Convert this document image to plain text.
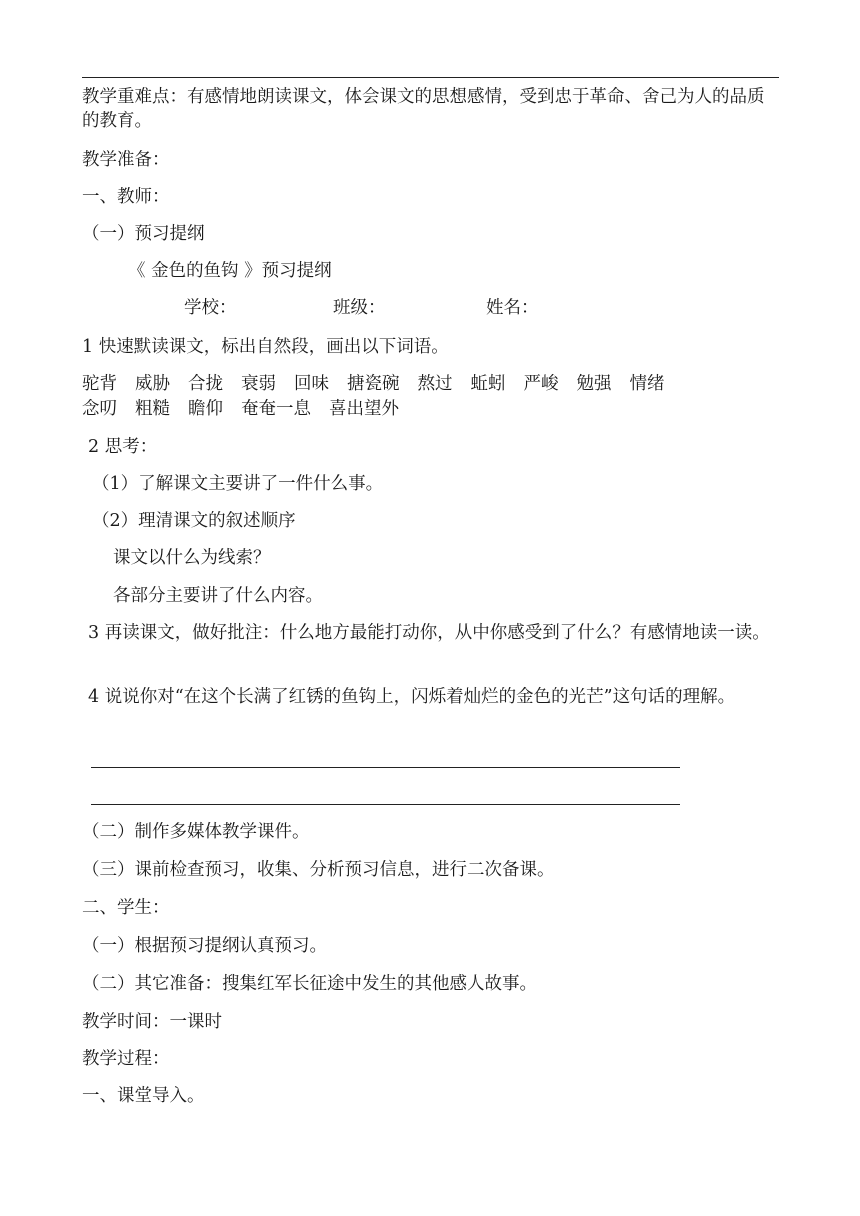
教学重难点：有感情地朗读课文，体会课文的思想感情，受到忠于革命、舍己为人的品质的教育。
教学准备：
一、教师：
（一）预习提纲
《 金色的鱼钩 》预习提纲
学校：	班级：	姓名：
1 快速默读课文，标出自然段，画出以下词语。
驼背 威胁 合拢 衰弱 回味 搪瓷碗 熬过 蚯蚓 严峻 勉强 情绪
念叨 粗糙 瞻仰 奄奄一息 喜出望外
2 思考：
（1）了解课文主要讲了一件什么事。
（2）理清课文的叙述顺序
课文以什么为线索？
各部分主要讲了什么内容。
3 再读课文，做好批注：什么地方最能打动你，从中你感受到了什么？有感情地读一读。
4 说说你对“在这个长满了红锈的鱼钩上，闪烁着灿烂的金色的光芒”这句话的理解。
（二）制作多媒体教学课件。
（三）课前检查预习，收集、分析预习信息，进行二次备课。
二、学生：
（一）根据预习提纲认真预习。
（二）其它准备：搜集红军长征途中发生的其他感人故事。
教学时间：一课时
教学过程：
一、课堂导入。
